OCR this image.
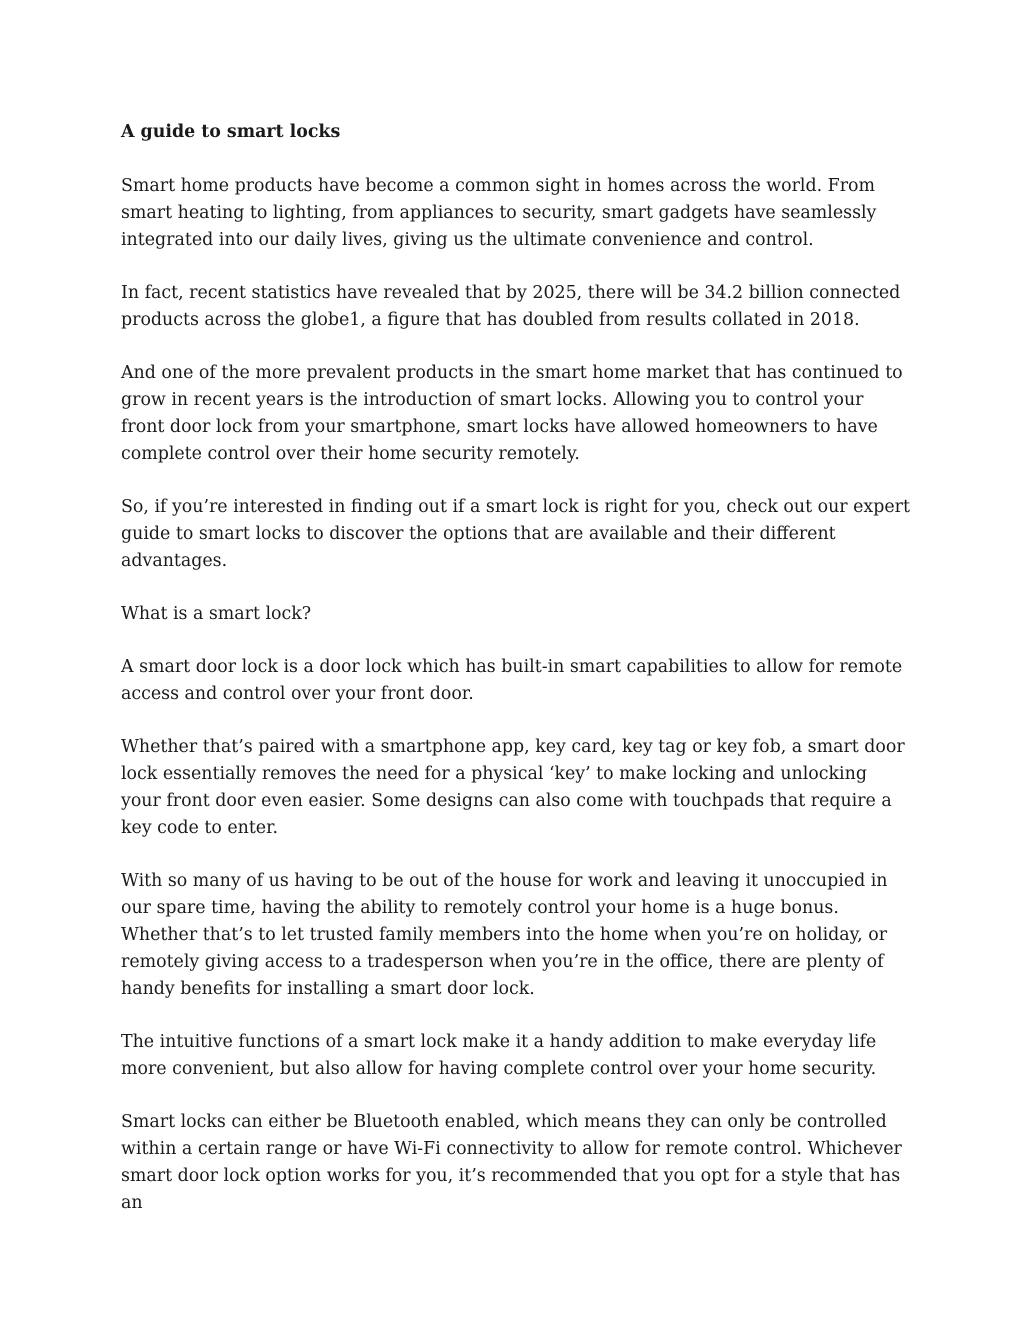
A guide to smart locks

Smart home products have become a common sight in homes across the world. From smart heating to lighting, from appliances to security, smart gadgets have seamlessly integrated into our daily lives, giving us the ultimate convenience and control.

In fact, recent statistics have revealed that by 2025, there will be 34.2 billion connected products across the globe1, a figure that has doubled from results collated in 2018.

And one of the more prevalent products in the smart home market that has continued to grow in recent years is the introduction of smart locks. Allowing you to control your front door lock from your smartphone, smart locks have allowed homeowners to have complete control over their home security remotely.

So, if you’re interested in finding out if a smart lock is right for you, check out our expert guide to smart locks to discover the options that are available and their different advantages.

What is a smart lock?

A smart door lock is a door lock which has built-in smart capabilities to allow for remote access and control over your front door.

Whether that’s paired with a smartphone app, key card, key tag or key fob, a smart door lock essentially removes the need for a physical ‘key’ to make locking and unlocking your front door even easier. Some designs can also come with touchpads that require a key code to enter.

With so many of us having to be out of the house for work and leaving it unoccupied in our spare time, having the ability to remotely control your home is a huge bonus. Whether that’s to let trusted family members into the home when you’re on holiday, or remotely giving access to a tradesperson when you’re in the office, there are plenty of handy benefits for installing a smart door lock.

The intuitive functions of a smart lock make it a handy addition to make everyday life more convenient, but also allow for having complete control over your home security.

Smart locks can either be Bluetooth enabled, which means they can only be controlled within a certain range or have Wi-Fi connectivity to allow for remote control. Whichever smart door lock option works for you, it’s recommended that you opt for a style that has an
